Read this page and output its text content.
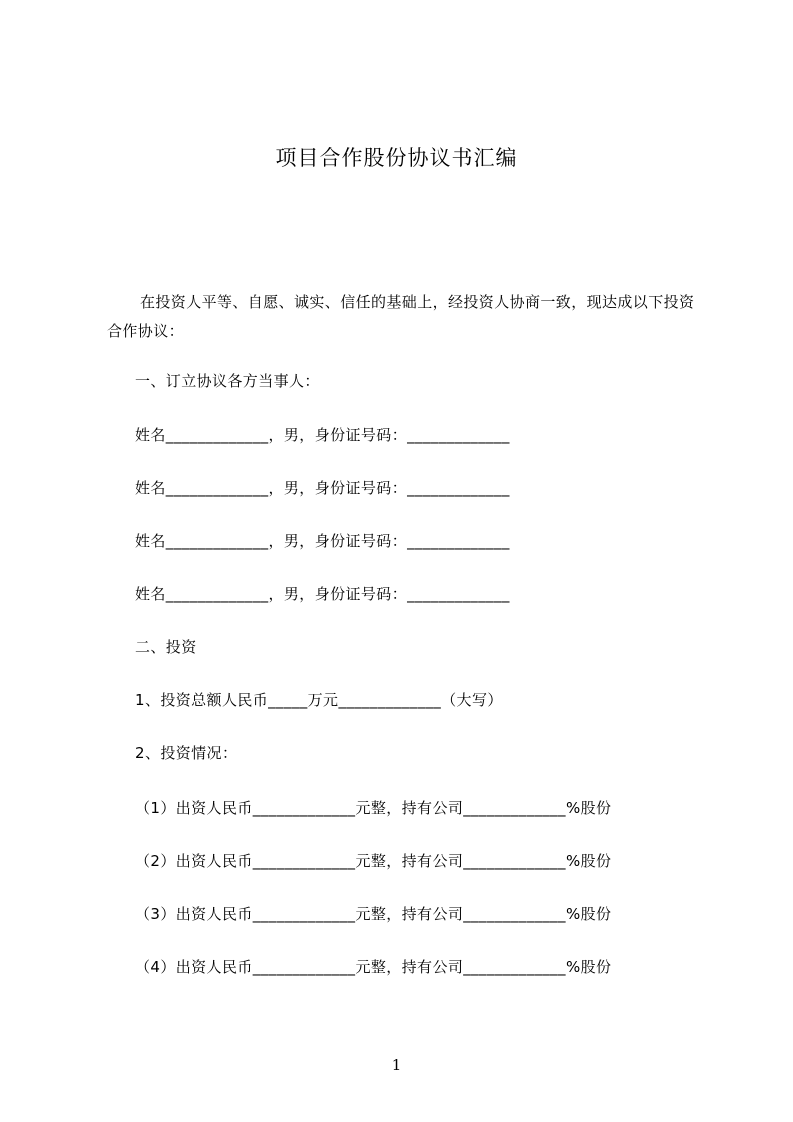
项目合作股份协议书汇编
在投资人平等、自愿、诚实、信任的基础上，经投资人协商一致，现达成以下投资合作协议：
一、订立协议各方当事人：
姓名_____________，男，身份证号码：_____________
姓名_____________，男，身份证号码：_____________
姓名_____________，男，身份证号码：_____________
姓名_____________，男，身份证号码：_____________
二、投资
1、投资总额人民币_____万元_____________（大写）
2、投资情况：
（1）出资人民币_____________元整，持有公司_____________%股份
（2）出资人民币_____________元整，持有公司_____________%股份
（3）出资人民币_____________元整，持有公司_____________%股份
（4）出资人民币_____________元整，持有公司_____________%股份
1
